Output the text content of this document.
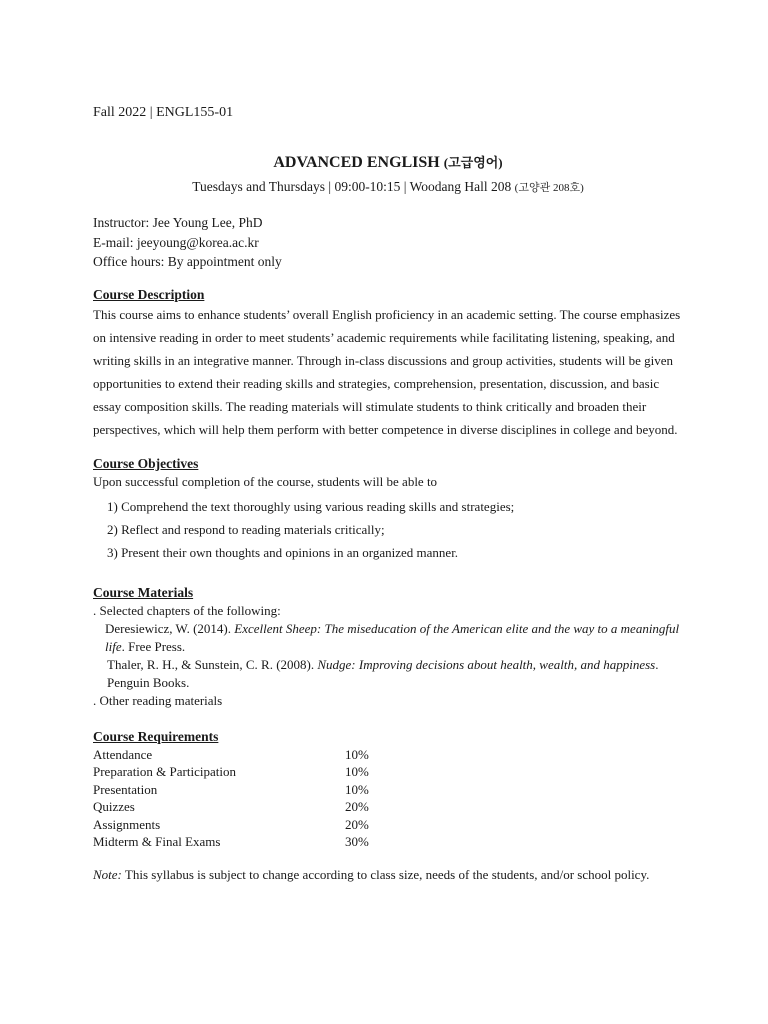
Fall 2022 | ENGL155-01

ADVANCED ENGLISH (고급영어)
Tuesdays and Thursdays | 09:00-10:15 | Woodang Hall 208 (고양관 208호)
Instructor: Jee Young Lee, PhD
E-mail: jeeyoung@korea.ac.kr
Office hours: By appointment only
Course Description
This course aims to enhance students’ overall English proficiency in an academic setting. The course emphasizes on intensive reading in order to meet students’ academic requirements while facilitating listening, speaking, and writing skills in an integrative manner. Through in-class discussions and group activities, students will be given opportunities to extend their reading skills and strategies, comprehension, presentation, discussion, and basic essay composition skills. The reading materials will stimulate students to think critically and broaden their perspectives, which will help them perform with better competence in diverse disciplines in college and beyond.
Course Objectives
Upon successful completion of the course, students will be able to
1) Comprehend the text thoroughly using various reading skills and strategies;
2) Reflect and respond to reading materials critically;
3) Present their own thoughts and opinions in an organized manner.
Course Materials
. Selected chapters of the following:
Deresiewicz, W. (2014). Excellent Sheep: The miseducation of the American elite and the way to a meaningful life. Free Press.
Thaler, R. H., & Sunstein, C. R. (2008). Nudge: Improving decisions about health, wealth, and happiness. Penguin Books.
. Other reading materials
Course Requirements
Attendance	10%
Preparation & Participation	10%
Presentation	10%
Quizzes	20%
Assignments	20%
Midterm & Final Exams	30%
Note: This syllabus is subject to change according to class size, needs of the students, and/or school policy.
